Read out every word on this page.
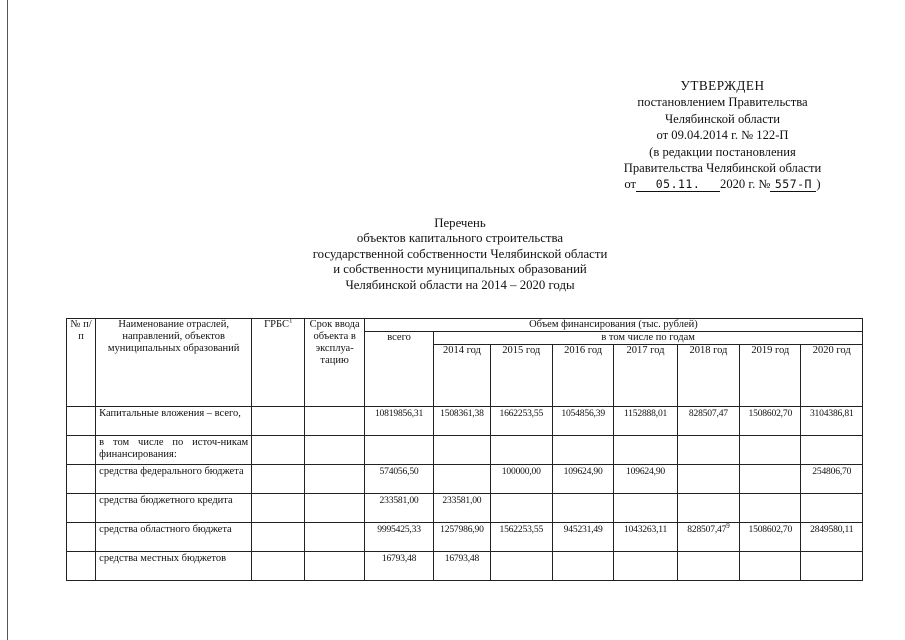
УТВЕРЖДЕН
постановлением Правительства
Челябинской области
от 09.04.2014 г. № 122-П
(в редакции постановления
Правительства Челябинской области
от 05.11. 2020 г. № 557-П )
Перечень
объектов капитального строительства
государственной собственности Челябинской области
и собственности муниципальных образований
Челябинской области на 2014 – 2020 годы
№ п/п	Наименование отраслей, направлений, объектов муниципальных образований	ГРБС$^1$	Срок ввода объекта в эксплуа-тацию	Объем финансирования (тыс. рублей)							
				всего	в том числе по годам						
					2014 год	2015 год	2016 год	2017 год	2018 год	2019 год	2020 год
	Капитальные вложения – всего,			10819856,31	1508361,38	1662253,55	1054856,39	1152888,01	828507,47	1508602,70	3104386,81
	в том числе по источ-никам финансирования:										
	средства федерального бюджета			574056,50		100000,00	109624,90	109624,90			254806,70
	средства бюджетного кредита			233581,00	233581,00						
	средства областного бюджета			9995425,33	1257986,90	1562253,55	945231,49	1043263,11	828507,47$^9$	1508602,70	2849580,11
	средства местных бюджетов			16793,48	16793,48						
